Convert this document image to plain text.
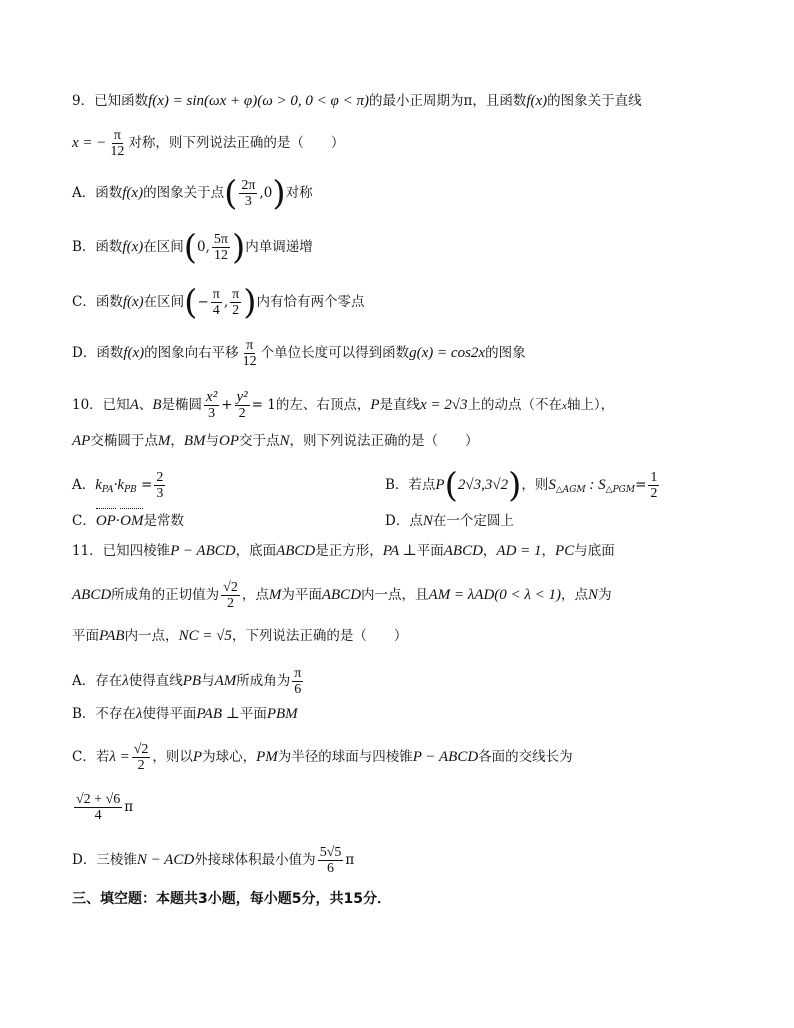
9．已知函数f(x) = sin(ωx + φ)(ω > 0, 0 < φ < π)的最小正周期为π，且函数f(x)的图象关于直线
x = − $\frac{\pi}{12}$ 对称，则下列说法正确的是（　　）
A．函数f(x)的图象关于点( $\frac{2\pi}{3} ,0$)对称
B．函数f(x)在区间(0, $\frac{5\pi}{12}$ )内单调递增
C．函数f(x)在区间(− $\frac{\pi}{4}$ , $\frac{\pi}{2}$ )内有恰有两个零点
D．函数f(x)的图象向右平移 $\frac{\pi}{12}$ 个单位长度可以得到函数g(x) = cos2x的图象
10．已知A、B是椭圆 $\frac{\text{x²}}{3} + \frac{\text{y²}}{2} = 1$的左、右顶点，P是直线x = 2√3上的动点（不在x轴上），
AP交椭圆于点M，BM与OP交于点N，则下列说法正确的是（　　）
A．$k_{PA}\cdot k_{PB} = \frac{2}{3}$	B．若点P(2√3,3√2)，则$S_{\triangle AGM}$ : $S_{\triangle PGM}= \frac{1}{2}$
C．OP·OM是常数	D．点N在一个定圆上
11．已知四棱锥P − ABCD，底面ABCD是正方形，PA ⊥平面ABCD，AD = 1，PC与底面
ABCD所成角的正切值为 $\frac{√2}{2}$ ，点M为平面ABCD内一点，且AM = λAD(0 < λ < 1)，点N为
平面PAB内一点，NC = √5，下列说法正确的是（　　）
A．存在λ使得直线PB与AM所成角为 $\frac{\pi}{6}$
B．不存在λ使得平面PAB ⊥平面PBM
C．若$\lambda = \frac{√2}{2}$ ，则以P为球心，PM为半径的球面与四棱锥P − ABCD各面的交线长为
$\frac{√2 + √6}{4}$ π
D．三棱锥N − ACD外接球体积最小值为 $\frac{5√5}{6}$ π
三、填空题：本题共3小题，每小题5分，共15分．
